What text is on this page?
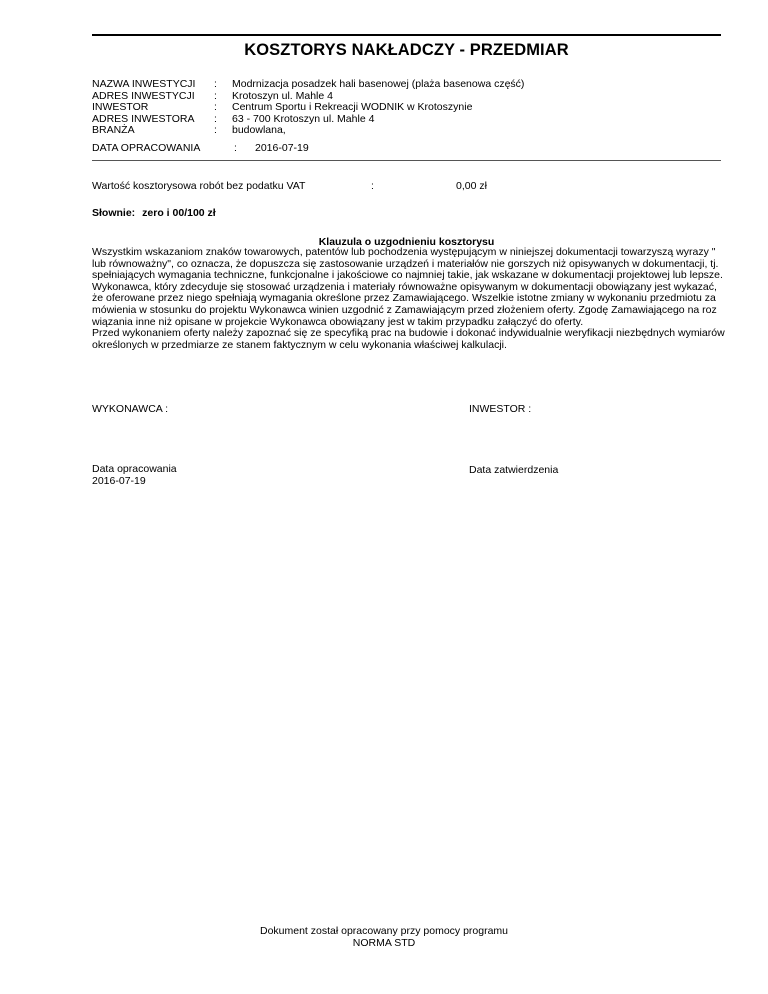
KOSZTORYS NAKŁADCZY - PRZEDMIAR
NAZWA INWESTYCJI : Modrnizacja posadzek hali basenowej (plaża basenowa część)
ADRES INWESTYCJI : Krotoszyn ul. Mahle 4
INWESTOR	: Centrum Sportu i Rekreacji WODNIK w Krotoszynie
ADRES INWESTORA : 63 - 700 Krotoszyn ul. Mahle 4
BRANŻA	: budowlana,
DATA OPRACOWANIA	: 2016-07-19
Wartość kosztorysowa robót bez podatku VAT	:	0,00 zł
Słownie: zero i 00/100 zł
Klauzula o uzgodnieniu kosztorysu
Wszystkim wskazaniom znaków towarowych, patentów lub pochodzenia występującym w niniejszej dokumentacji towarzyszą wyrazy "
lub równoważny", co oznacza, że dopuszcza się zastosowanie urządzeń i materiałów nie gorszych niż opisywanych w dokumentacji, tj.
spełniających wymagania techniczne, funkcjonalne i jakościowe co najmniej takie, jak wskazane w dokumentacji projektowej lub lepsze.
Wykonawca, który zdecyduje się stosować urządzenia i materiały równoważne opisywanym w dokumentacji obowiązany jest wykazać,
że oferowane przez niego spełniają wymagania określone przez Zamawiającego. Wszelkie istotne zmiany w wykonaniu przedmiotu za
mówienia w stosunku do projektu Wykonawca winien uzgodnić z Zamawiającym przed złożeniem oferty. Zgodę Zamawiającego na roz
wiązania inne niż opisane w projekcie Wykonawca obowiązany jest w takim przypadku załączyć do oferty.
Przed wykonaniem oferty należy zapoznać się ze specyfiką prac na budowie i dokonać indywidualnie weryfikacji niezbędnych wymiarów
określonych w przedmiarze ze stanem faktycznym w celu wykonania właściwej kalkulacji.
WYKONAWCA :	INWESTOR :
Data opracowania
2016-07-19
Data zatwierdzenia
Dokument został opracowany przy pomocy programu
NORMA STD
